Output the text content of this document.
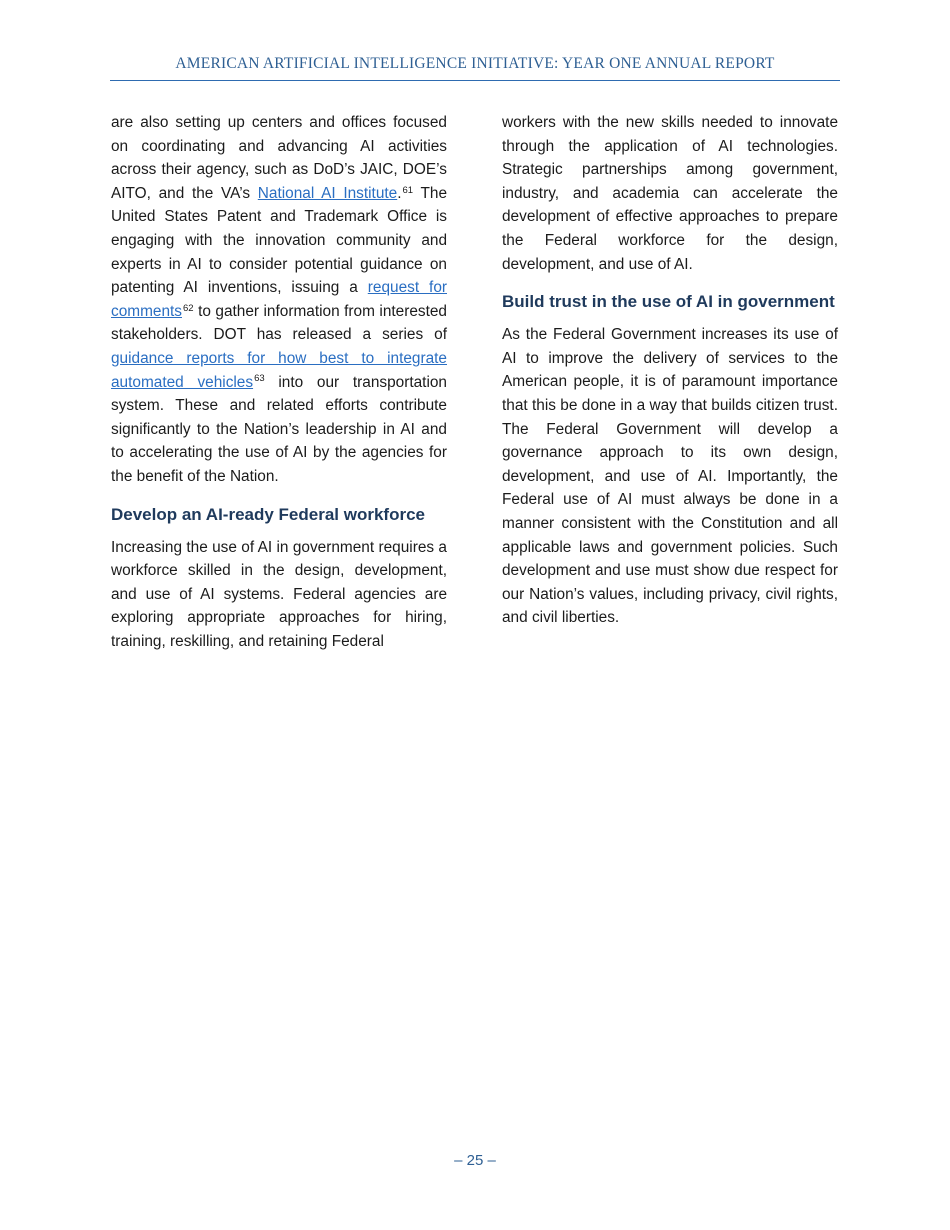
AMERICAN ARTIFICIAL INTELLIGENCE INITIATIVE: YEAR ONE ANNUAL REPORT

are also setting up centers and offices focused on coordinating and advancing AI activities across their agency, such as DoD’s JAIC, DOE’s AITO, and the VA’s National AI Institute.$^{61}$ The United States Patent and Trademark Office is engaging with the innovation community and experts in AI to consider potential guidance on patenting AI inventions, issuing a request for comments$^{62}$ to gather information from interested stakeholders. DOT has released a series of guidance reports for how best to integrate automated vehicles$^{63}$ into our transportation system. These and related efforts contribute significantly to the Nation’s leadership in AI and to accelerating the use of AI by the agencies for the benefit of the Nation.

Develop an AI-ready Federal workforce

Increasing the use of AI in government requires a workforce skilled in the design, development, and use of AI systems. Federal agencies are exploring appropriate approaches for hiring, training, reskilling, and retaining Federal

workers with the new skills needed to innovate through the application of AI technologies. Strategic partnerships among government, industry, and academia can accelerate the development of effective approaches to prepare the Federal workforce for the design, development, and use of AI.

Build trust in the use of AI in government

As the Federal Government increases its use of AI to improve the delivery of services to the American people, it is of paramount importance that this be done in a way that builds citizen trust. The Federal Government will develop a governance approach to its own design, development, and use of AI. Importantly, the Federal use of AI must always be done in a manner consistent with the Constitution and all applicable laws and government policies. Such development and use must show due respect for our Nation’s values, including privacy, civil rights, and civil liberties.

– 25 –
